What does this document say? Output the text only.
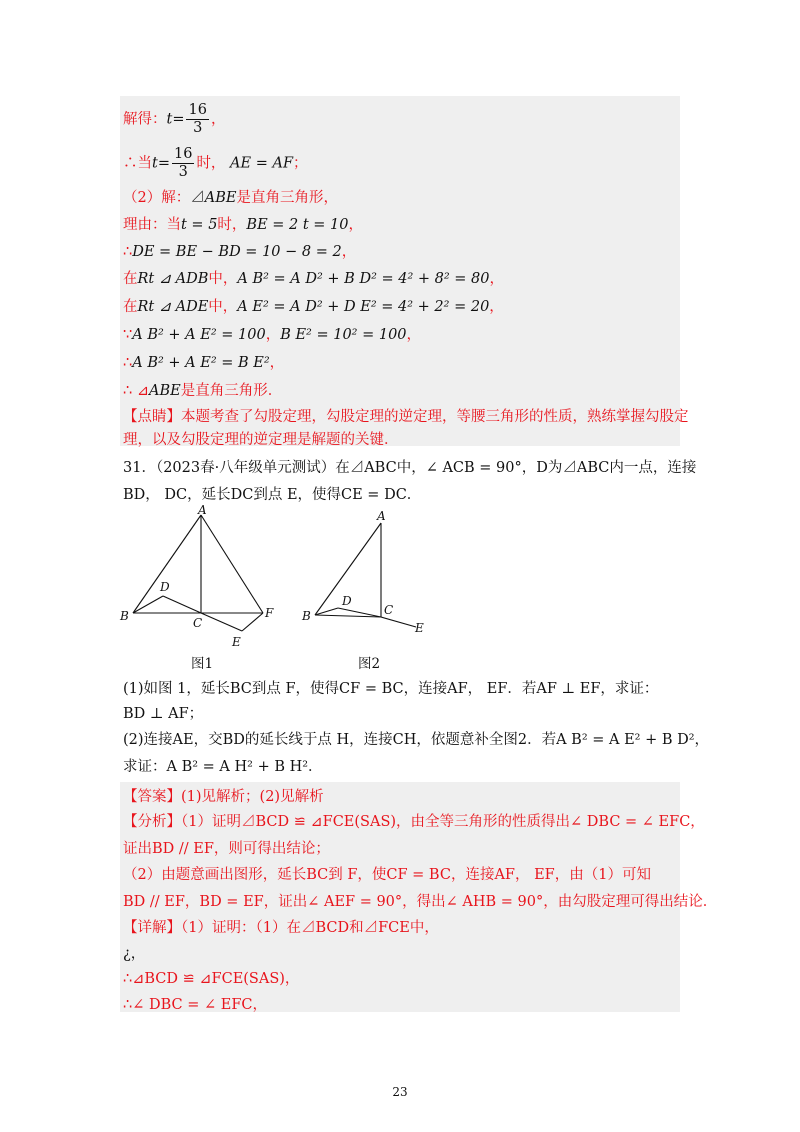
解得：$t= \frac{16}{3}$ ，
∴当$t= \frac{16}{3}$ 时， AE = AF；
（2）解：⊿ABE是直角三角形，
理由：当t = 5时，BE = 2 t = 10，
∴DE = BE − BD = 10 − 8 = 2，
在Rt ⊿ ADB中，A B² = A D² + B D² = 4² + 8² = 80，
在Rt ⊿ ADE中，A E² = A D² + D E² = 4² + 2² = 20，
∵A B² + A E² = 100，B E² = 10² = 100，
∴A B² + A E² = B E²，
∴ ⊿ABE是直角三角形．
【点睛】本题考查了勾股定理，勾股定理的逆定理，等腰三角形的性质，熟练掌握勾股定
理，以及勾股定理的逆定理是解题的关键．
31．（2023春·八年级单元测试）在⊿ABC中，∠ ACB = 90°，D为⊿ABC内一点，连接
BD， DC，延长DC到点 E，使得CE = DC．
A
D
B	C
F
E
图1
A
D
B	C
E
图2
(1)如图 1，延长BC到点 F，使得CF = BC，连接AF， EF．若AF ⊥ EF，求证：
BD ⊥ AF；
(2)连接AE，交BD的延长线于点 H，连接CH，依题意补全图2．若A B² = A E² + B D²，
求证：A B² = A H² + B H²．
【答案】(1)见解析；(2)见解析
【分析】（1）证明⊿BCD ≌ ⊿FCE(SAS)，由全等三角形的性质得出∠ DBC = ∠ EFC，
证出BD // EF，则可得出结论；
（2）由题意画出图形，延长BC到 F，使CF = BC，连接AF， EF，由（1）可知
BD // EF，BD = EF，证出∠ AEF = 90°，得出∠ AHB = 90°，由勾股定理可得出结论．
【详解】（1）证明：（1）在⊿BCD和⊿FCE中，
¿，
∴⊿BCD ≌ ⊿FCE(SAS)，
∴∠ DBC = ∠ EFC，
23
